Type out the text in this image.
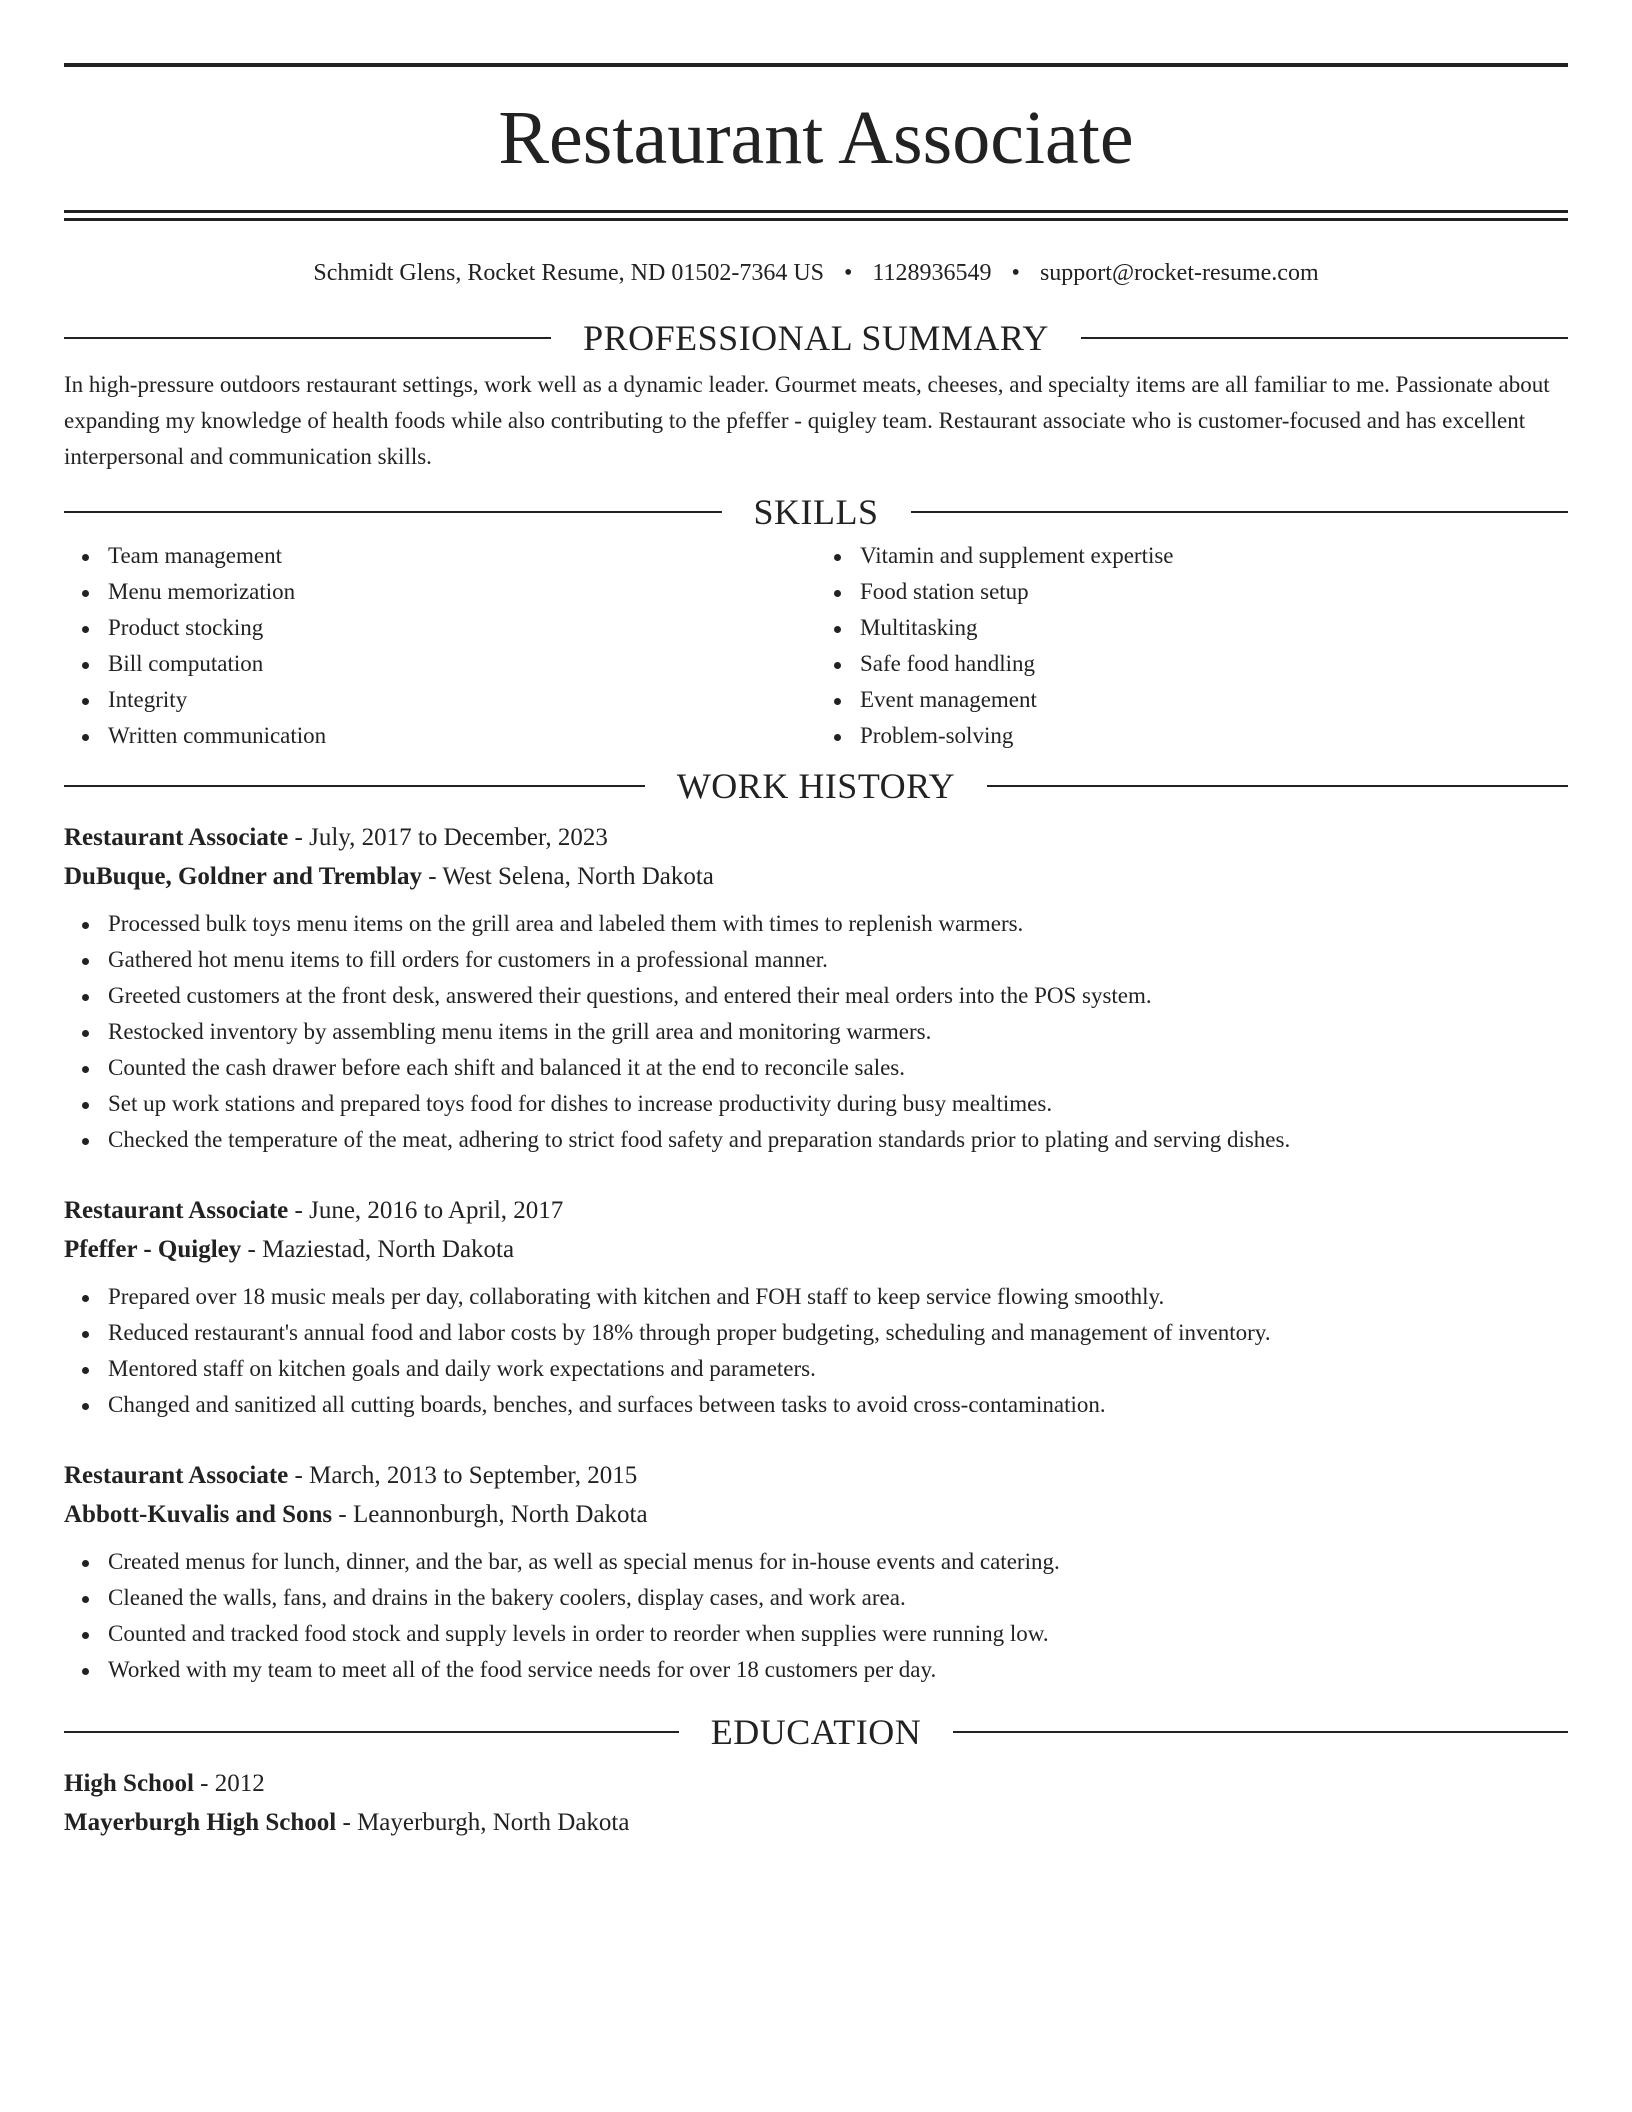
Restaurant Associate
Schmidt Glens, Rocket Resume, ND 01502-7364 US • 1128936549 • support@rocket-resume.com
PROFESSIONAL SUMMARY

In high-pressure outdoors restaurant settings, work well as a dynamic leader. Gourmet meats, cheeses, and specialty items are all familiar to me. Passionate about expanding my knowledge of health foods while also contributing to the pfeffer - quigley team. Restaurant associate who is customer-focused and has excellent interpersonal and communication skills.

SKILLS
Team management
Menu memorization
Product stocking
Bill computation
Integrity
Written communication
Vitamin and supplement expertise
Food station setup
Multitasking
Safe food handling
Event management
Problem-solving
WORK HISTORY
Restaurant Associate - July, 2017 to December, 2023
DuBuque, Goldner and Tremblay - West Selena, North Dakota
Processed bulk toys menu items on the grill area and labeled them with times to replenish warmers.
Gathered hot menu items to fill orders for customers in a professional manner.
Greeted customers at the front desk, answered their questions, and entered their meal orders into the POS system.
Restocked inventory by assembling menu items in the grill area and monitoring warmers.
Counted the cash drawer before each shift and balanced it at the end to reconcile sales.
Set up work stations and prepared toys food for dishes to increase productivity during busy mealtimes.
Checked the temperature of the meat, adhering to strict food safety and preparation standards prior to plating and serving dishes.
Restaurant Associate - June, 2016 to April, 2017
Pfeffer - Quigley - Maziestad, North Dakota
Prepared over 18 music meals per day, collaborating with kitchen and FOH staff to keep service flowing smoothly.
Reduced restaurant's annual food and labor costs by 18% through proper budgeting, scheduling and management of inventory.
Mentored staff on kitchen goals and daily work expectations and parameters.
Changed and sanitized all cutting boards, benches, and surfaces between tasks to avoid cross-contamination.
Restaurant Associate - March, 2013 to September, 2015
Abbott-Kuvalis and Sons - Leannonburgh, North Dakota
Created menus for lunch, dinner, and the bar, as well as special menus for in-house events and catering.
Cleaned the walls, fans, and drains in the bakery coolers, display cases, and work area.
Counted and tracked food stock and supply levels in order to reorder when supplies were running low.
Worked with my team to meet all of the food service needs for over 18 customers per day.
EDUCATION
High School - 2012
Mayerburgh High School - Mayerburgh, North Dakota
